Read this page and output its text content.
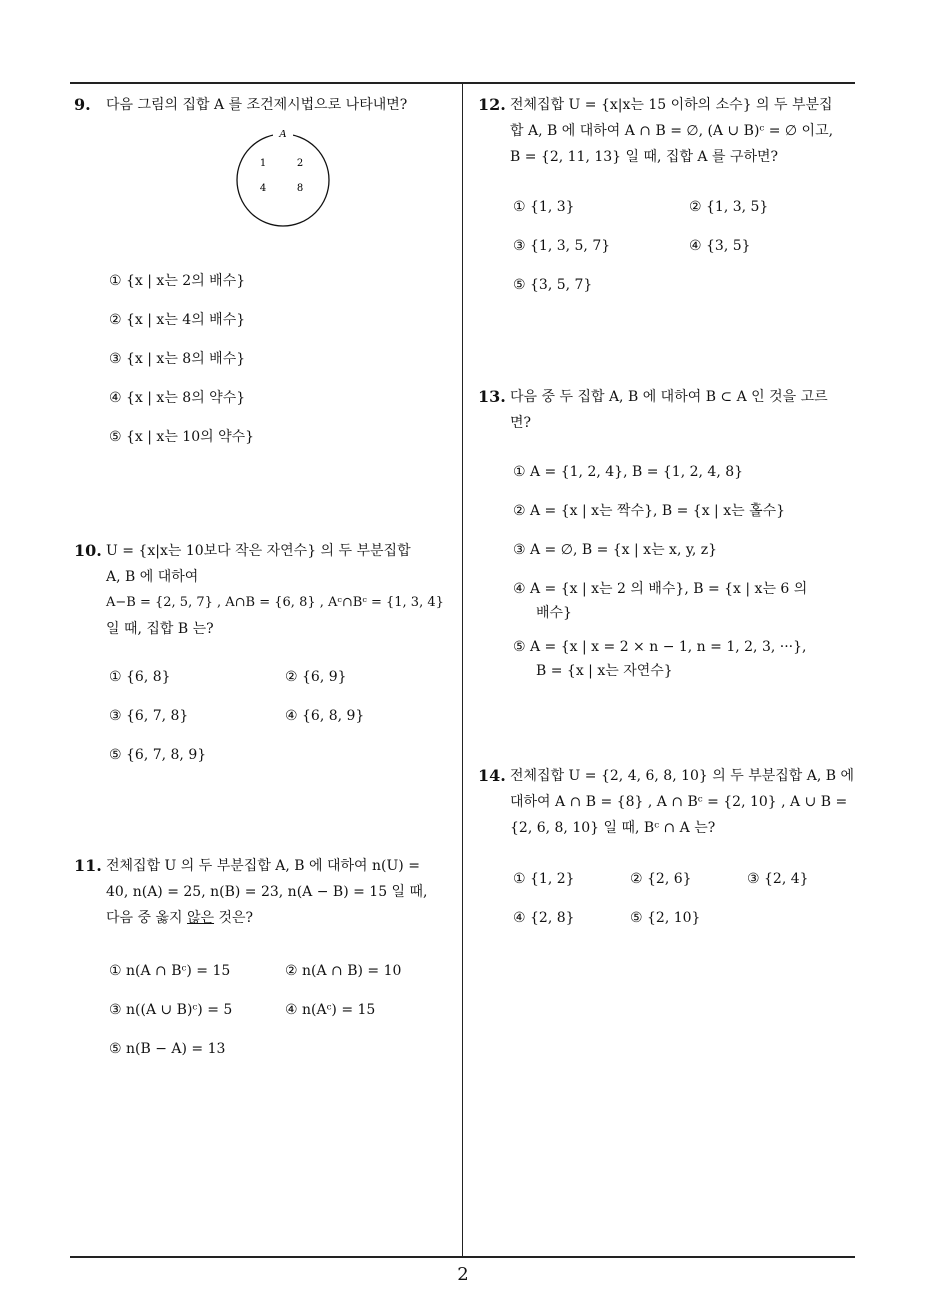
2
9. 다음 그림의 집합 A 를 조건제시법으로 나타내면?
A
1	2
4	8
① {x | x는 2의 배수}
② {x | x는 4의 배수}
③ {x | x는 8의 배수}
④ {x | x는 8의 약수}
⑤ {x | x는 10의 약수}
10. U = {x|x는 10보다 작은 자연수} 의 두 부분집합
A, B 에 대하여
A−B = {2, 5, 7} , A∩B = {6, 8} , Aᶜ∩Bᶜ = {1, 3, 4}
일 때, 집합 B 는?
① {6, 8}	② {6, 9}
③ {6, 7, 8}	④ {6, 8, 9}
⑤ {6, 7, 8, 9}
11. 전체집합 U 의 두 부분집합 A, B 에 대하여 n(U) =
40, n(A) = 25, n(B) = 23, n(A − B) = 15 일 때,
다음 중 옳지 않은 것은?
① n(A ∩ Bᶜ) = 15	② n(A ∩ B) = 10
③ n((A ∪ B)ᶜ) = 5	④ n(Aᶜ) = 15
⑤ n(B − A) = 13
12. 전체집합 U = {x|x는 15 이하의 소수} 의 두 부분집
합 A, B 에 대하여 A ∩ B = ∅, (A ∪ B)ᶜ = ∅ 이고,
B = {2, 11, 13} 일 때, 집합 A 를 구하면?
① {1, 3}	② {1, 3, 5}
③ {1, 3, 5, 7}	④ {3, 5}
⑤ {3, 5, 7}
13. 다음 중 두 집합 A, B 에 대하여 B ⊂ A 인 것을 고르
면?
① A = {1, 2, 4}, B = {1, 2, 4, 8}
② A = {x | x는 짝수}, B = {x | x는 홀수}
③ A = ∅, B = {x | x는 x, y, z}
④ A = {x | x는 2 의 배수}, B = {x | x는 6 의
배수}
⑤ A = {x | x = 2 × n − 1, n = 1, 2, 3, ···},
B = {x | x는 자연수}
14. 전체집합 U = {2, 4, 6, 8, 10} 의 두 부분집합 A, B 에
대하여 A ∩ B = {8} , A ∩ Bᶜ = {2, 10} , A ∪ B =
{2, 6, 8, 10} 일 때, Bᶜ ∩ A 는?
① {1, 2}	② {2, 6}	③ {2, 4}
④ {2, 8}	⑤ {2, 10}
